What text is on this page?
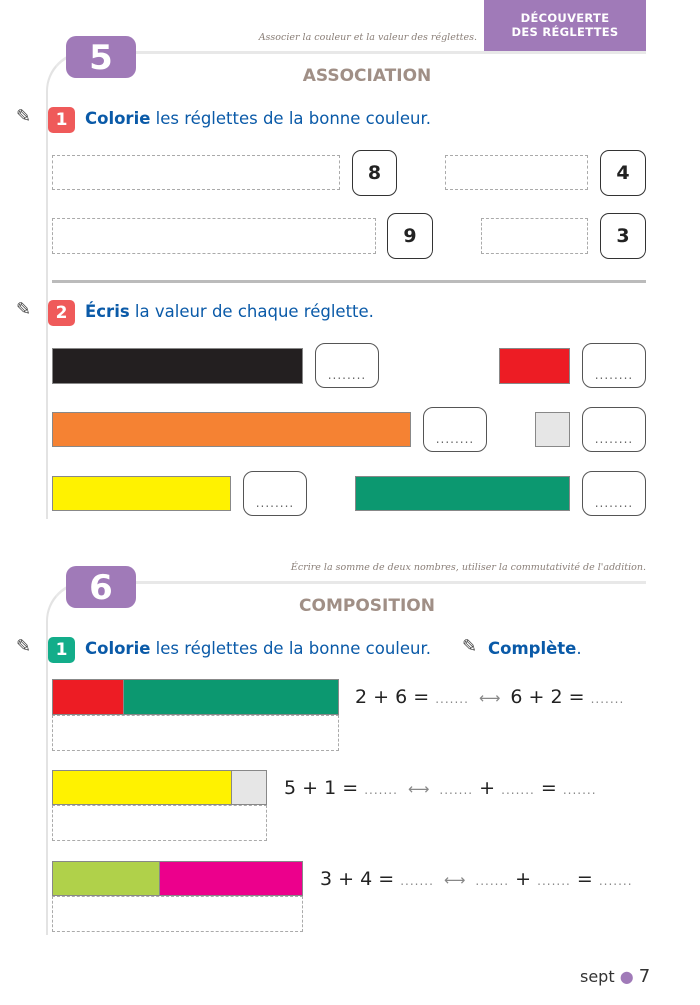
DÉCOUVERTE
DES RÉGLETTES
Associer la couleur et la valeur des réglettes.
5	ASSOCIATION
✎	1	Colorie les réglettes de la bonne couleur.
8	4
9	3
✎	2	Écris la valeur de chaque réglette.
........	........
........	........
........	........
Écrire la somme de deux nombres, utiliser la commutativité de l'addition.
6	COMPOSITION
✎	1	Colorie les réglettes de la bonne couleur. ✎ Complète.
2 + 6 = ....... ⟷ 6 + 2 = .......
5 + 1 = ....... ⟷ ....... + ....... = .......
3 + 4 = ....... ⟷ ....... + ....... = .......
sept ● 7
